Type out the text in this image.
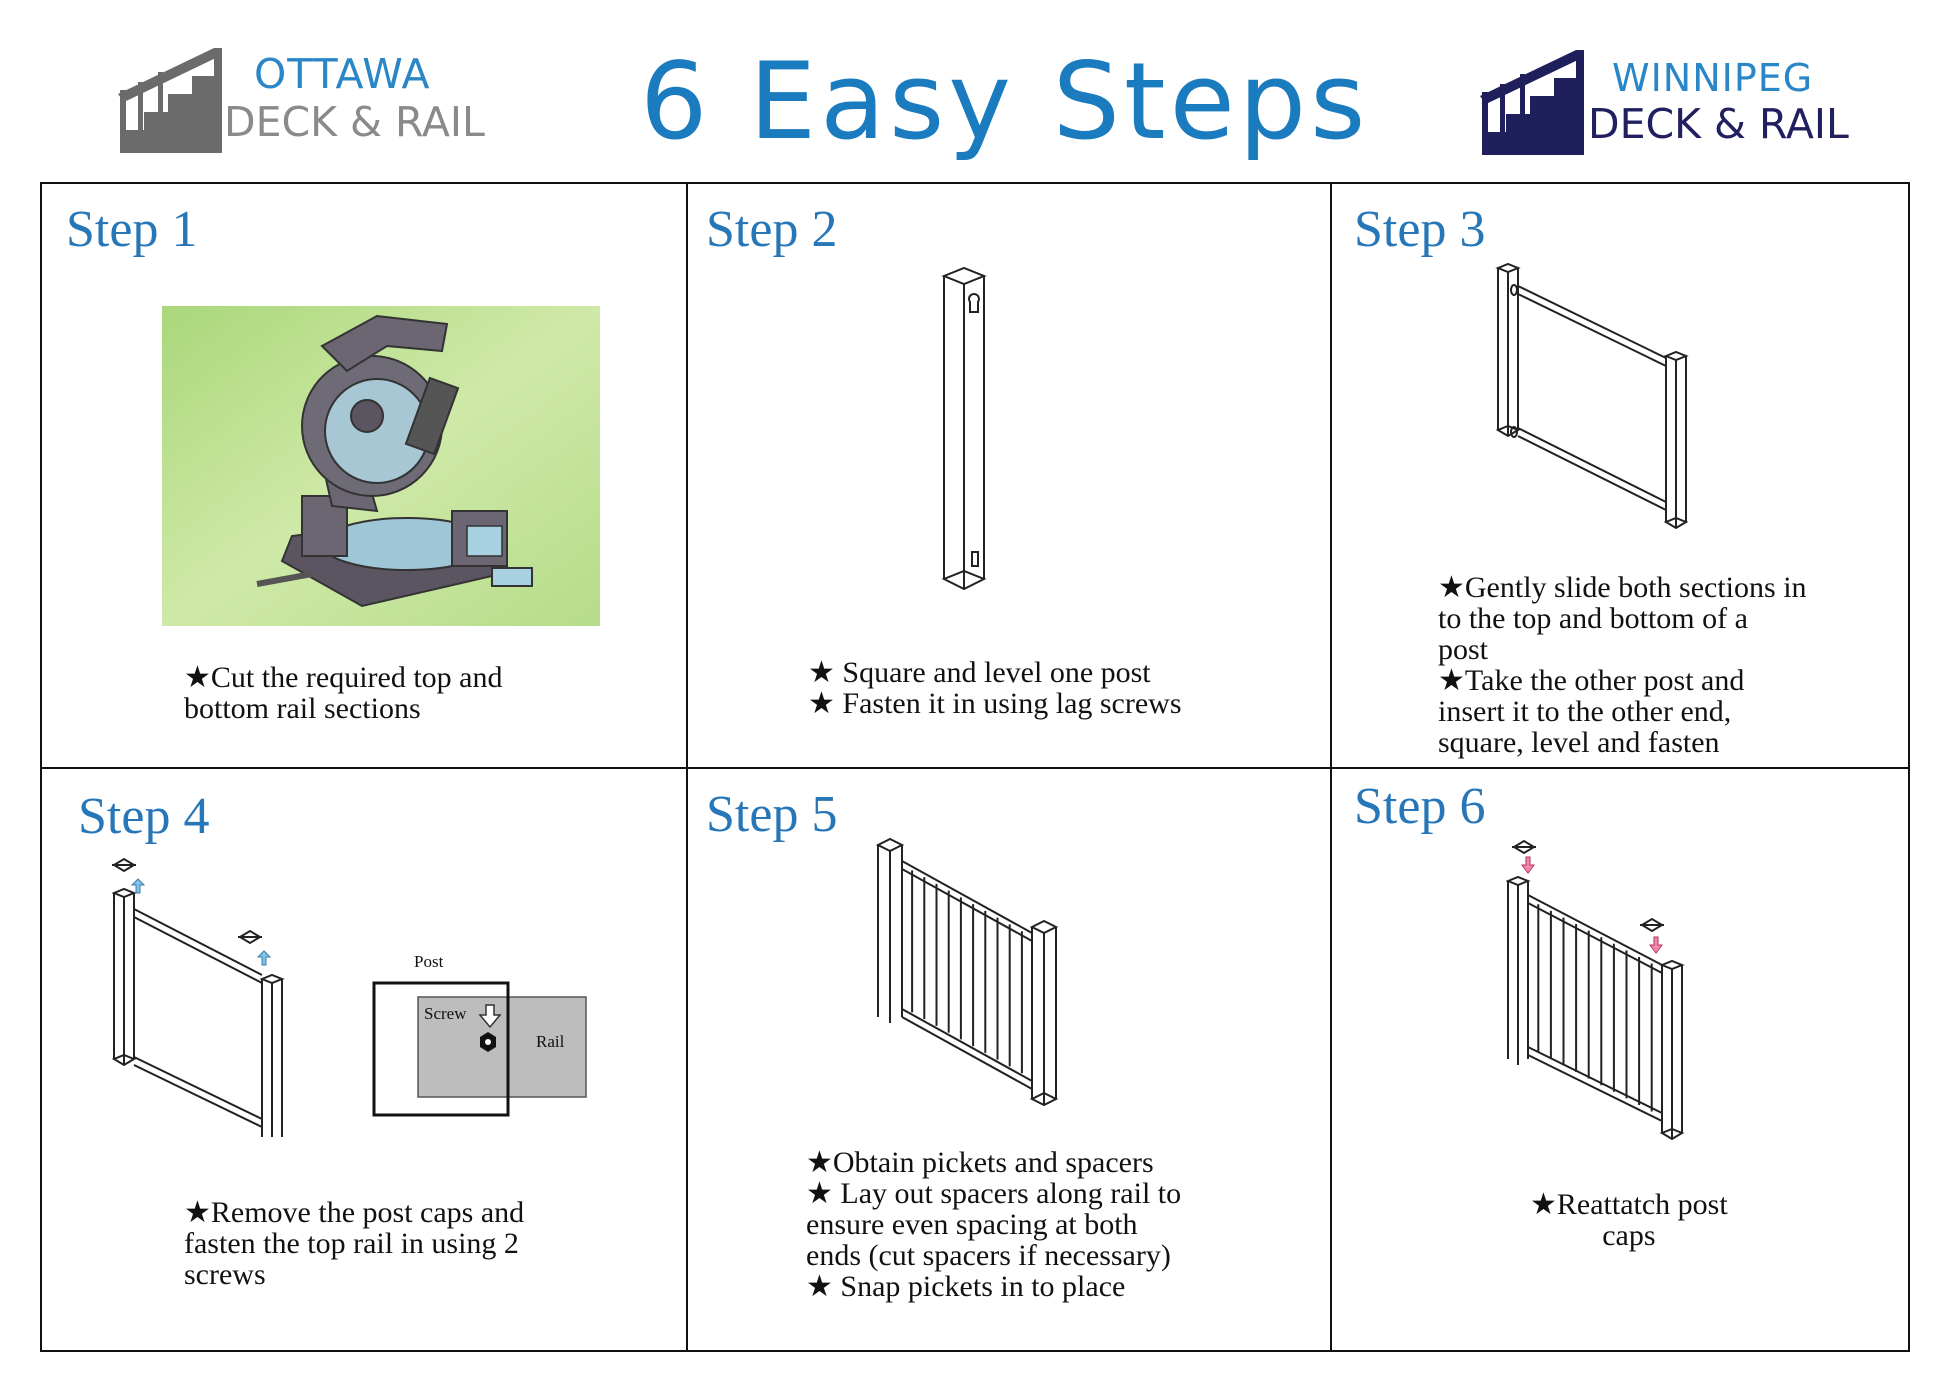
OTTAWA
DECK & RAIL 6 Easy Steps	WINNIPEG
DECK & RAIL
Step 1
★Cut the required top and
bottom rail sections
Step 2
★ Square and level one post
★ Fasten it in using lag screws
Step 3
★Gently slide both sections in
to the top and bottom of a
post
★Take the other post and
insert it to the other end,
square, level and fasten
Step 4
Post
Screw
Rail
★Remove the post caps and
fasten the top rail in using 2
screws
Step 5
★Obtain pickets and spacers
★ Lay out spacers along rail to
ensure even spacing at both
ends (cut spacers if necessary)
★ Snap pickets in to place
Step 6
★Reattatch post
caps
